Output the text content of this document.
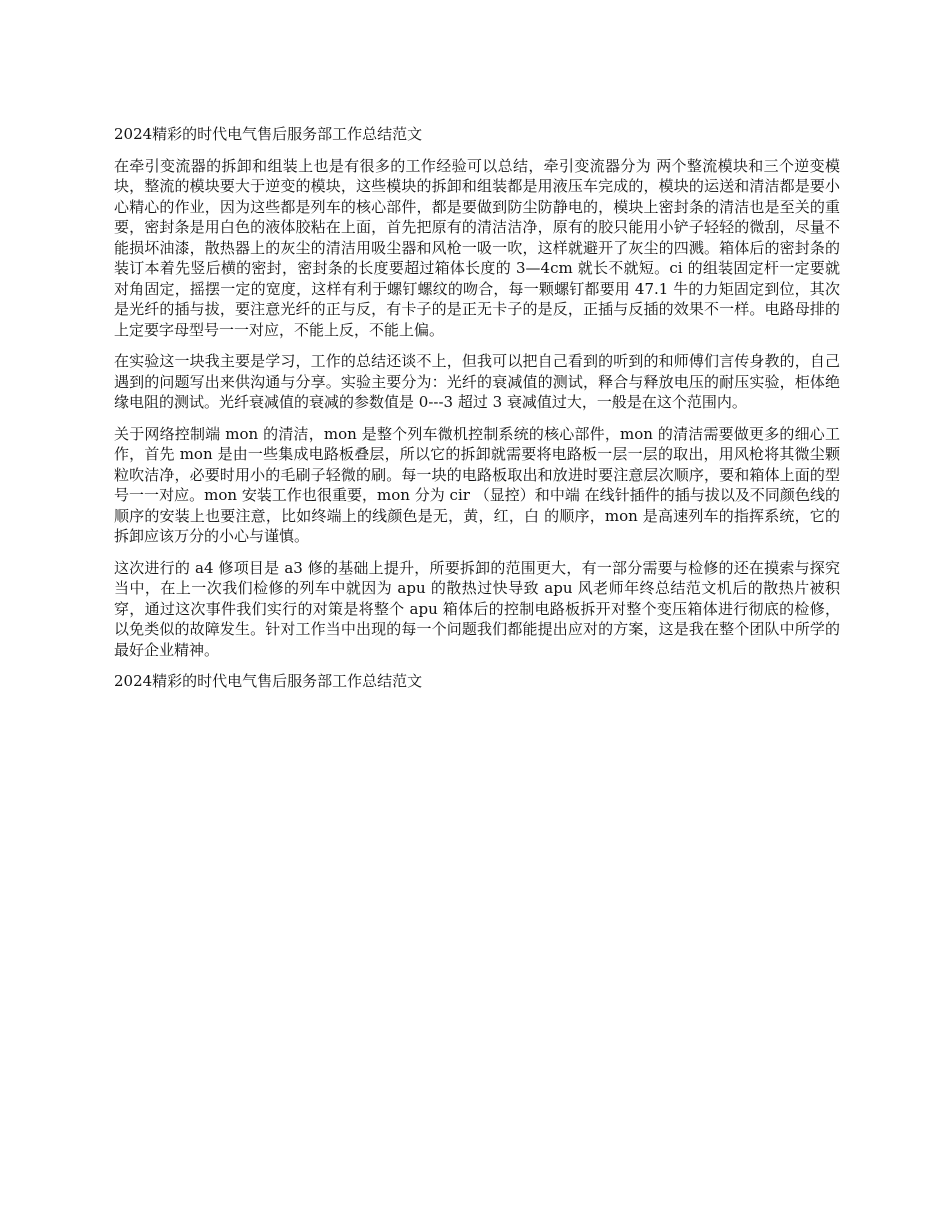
2024精彩的时代电气售后服务部工作总结范文

在牵引变流器的拆卸和组装上也是有很多的工作经验可以总结，牵引变流器分为 两个整流模块和三个逆变模块，整流的模块要大于逆变的模块，这些模块的拆卸和组装都是用液压车完成的，模块的运送和清洁都是要小心精心的作业，因为这些都是列车的核心部件，都是要做到防尘防静电的，模块上密封条的清洁也是至关的重要，密封条是用白色的液体胶粘在上面，首先把原有的清洁洁净，原有的胶只能用小铲子轻轻的微刮，尽量不能损坏油漆，散热器上的灰尘的清洁用吸尘器和风枪一吸一吹，这样就避开了灰尘的四溅。箱体后的密封条的装订本着先竖后横的密封，密封条的长度要超过箱体长度的 3—4cm 就长不就短。ci 的组装固定杆一定要就对角固定，摇摆一定的宽度，这样有利于螺钉螺纹的吻合，每一颗螺钉都要用 47.1 牛的力矩固定到位，其次是光纤的插与拔，要注意光纤的正与反，有卡子的是正无卡子的是反，正插与反插的效果不一样。电路母排的上定要字母型号一一对应，不能上反，不能上偏。

在实验这一块我主要是学习，工作的总结还谈不上，但我可以把自己看到的听到的和师傅们言传身教的，自己遇到的问题写出来供沟通与分享。实验主要分为：光纤的衰减值的测试，释合与释放电压的耐压实验，柜体绝缘电阻的测试。光纤衰减值的衰减的参数值是 0---3 超过 3 衰减值过大，一般是在这个范围内。

关于网络控制端 mon 的清洁，mon 是整个列车微机控制系统的核心部件，mon 的清洁需要做更多的细心工作，首先 mon 是由一些集成电路板叠层，所以它的拆卸就需要将电路板一层一层的取出，用风枪将其微尘颗粒吹洁净，必要时用小的毛刷子轻微的刷。每一块的电路板取出和放进时要注意层次顺序，要和箱体上面的型号一一对应。mon 安装工作也很重要，mon 分为 cir （显控）和中端 在线针插件的插与拔以及不同颜色线的顺序的安装上也要注意，比如终端上的线颜色是无，黄，红，白 的顺序，mon 是高速列车的指挥系统，它的拆卸应该万分的小心与谨慎。

这次进行的 a4 修项目是 a3 修的基础上提升，所要拆卸的范围更大，有一部分需要与检修的还在摸索与探究当中，在上一次我们检修的列车中就因为 apu 的散热过快导致 apu 风老师年终总结范文机后的散热片被积穿，通过这次事件我们实行的对策是将整个 apu 箱体后的控制电路板拆开对整个变压箱体进行彻底的检修，以免类似的故障发生。针对工作当中出现的每一个问题我们都能提出应对的方案，这是我在整个团队中所学的最好企业精神。

2024精彩的时代电气售后服务部工作总结范文
